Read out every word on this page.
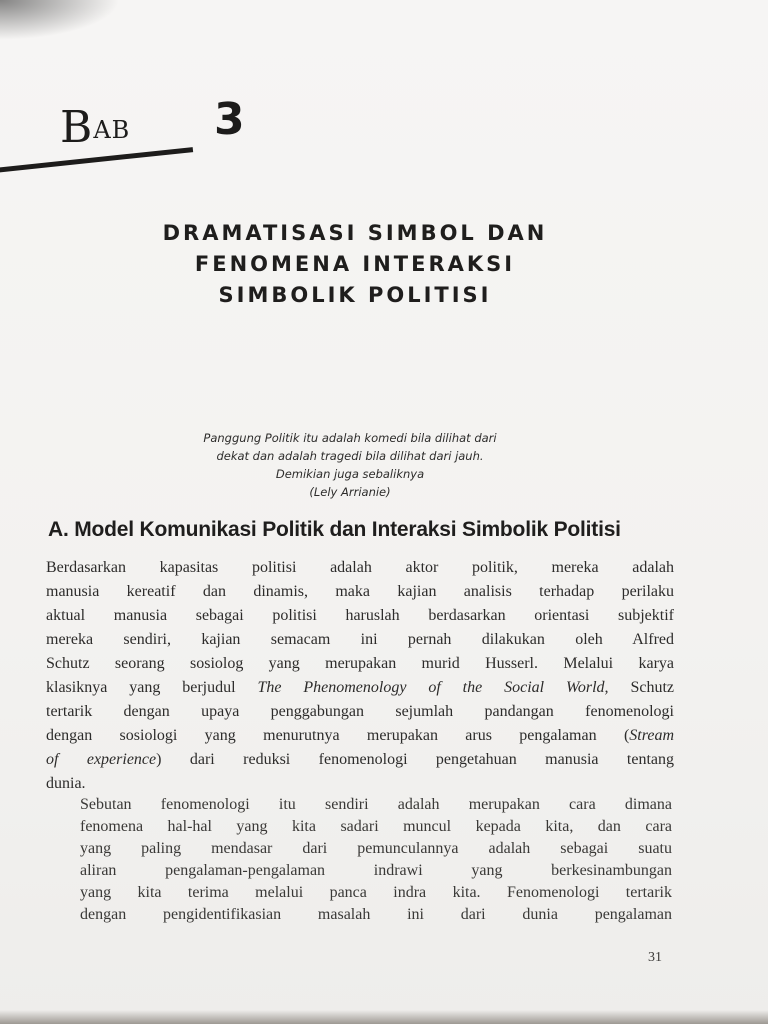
BAB 3
DRAMATISASI SIMBOL DAN
FENOMENA INTERAKSI
SIMBOLIK POLITISI
Panggung Politik itu adalah komedi bila dilihat dari
dekat dan adalah tragedi bila dilihat dari jauh.
Demikian juga sebaliknya
(Lely Arrianie)
A. Model Komunikasi Politik dan Interaksi Simbolik Politisi
Berdasarkan kapasitas politisi adalah aktor politik, mereka adalah
manusia kereatif dan dinamis, maka kajian analisis terhadap perilaku
aktual manusia sebagai politisi haruslah berdasarkan orientasi subjektif
mereka sendiri, kajian semacam ini pernah dilakukan oleh Alfred
Schutz seorang sosiolog yang merupakan murid Husserl. Melalui karya
klasiknya yang berjudul The Phenomenology of the Social World, Schutz
tertarik dengan upaya penggabungan sejumlah pandangan fenomenologi
dengan sosiologi yang menurutnya merupakan arus pengalaman (Stream
of experience) dari reduksi fenomenologi pengetahuan manusia tentang
dunia.
Sebutan fenomenologi itu sendiri adalah merupakan cara dimana
fenomena hal-hal yang kita sadari muncul kepada kita, dan cara
yang paling mendasar dari pemunculannya adalah sebagai suatu
aliran pengalaman-pengalaman indrawi yang berkesinambungan
yang kita terima melalui panca indra kita. Fenomenologi tertarik
dengan pengidentifikasian masalah ini dari dunia pengalaman
31
